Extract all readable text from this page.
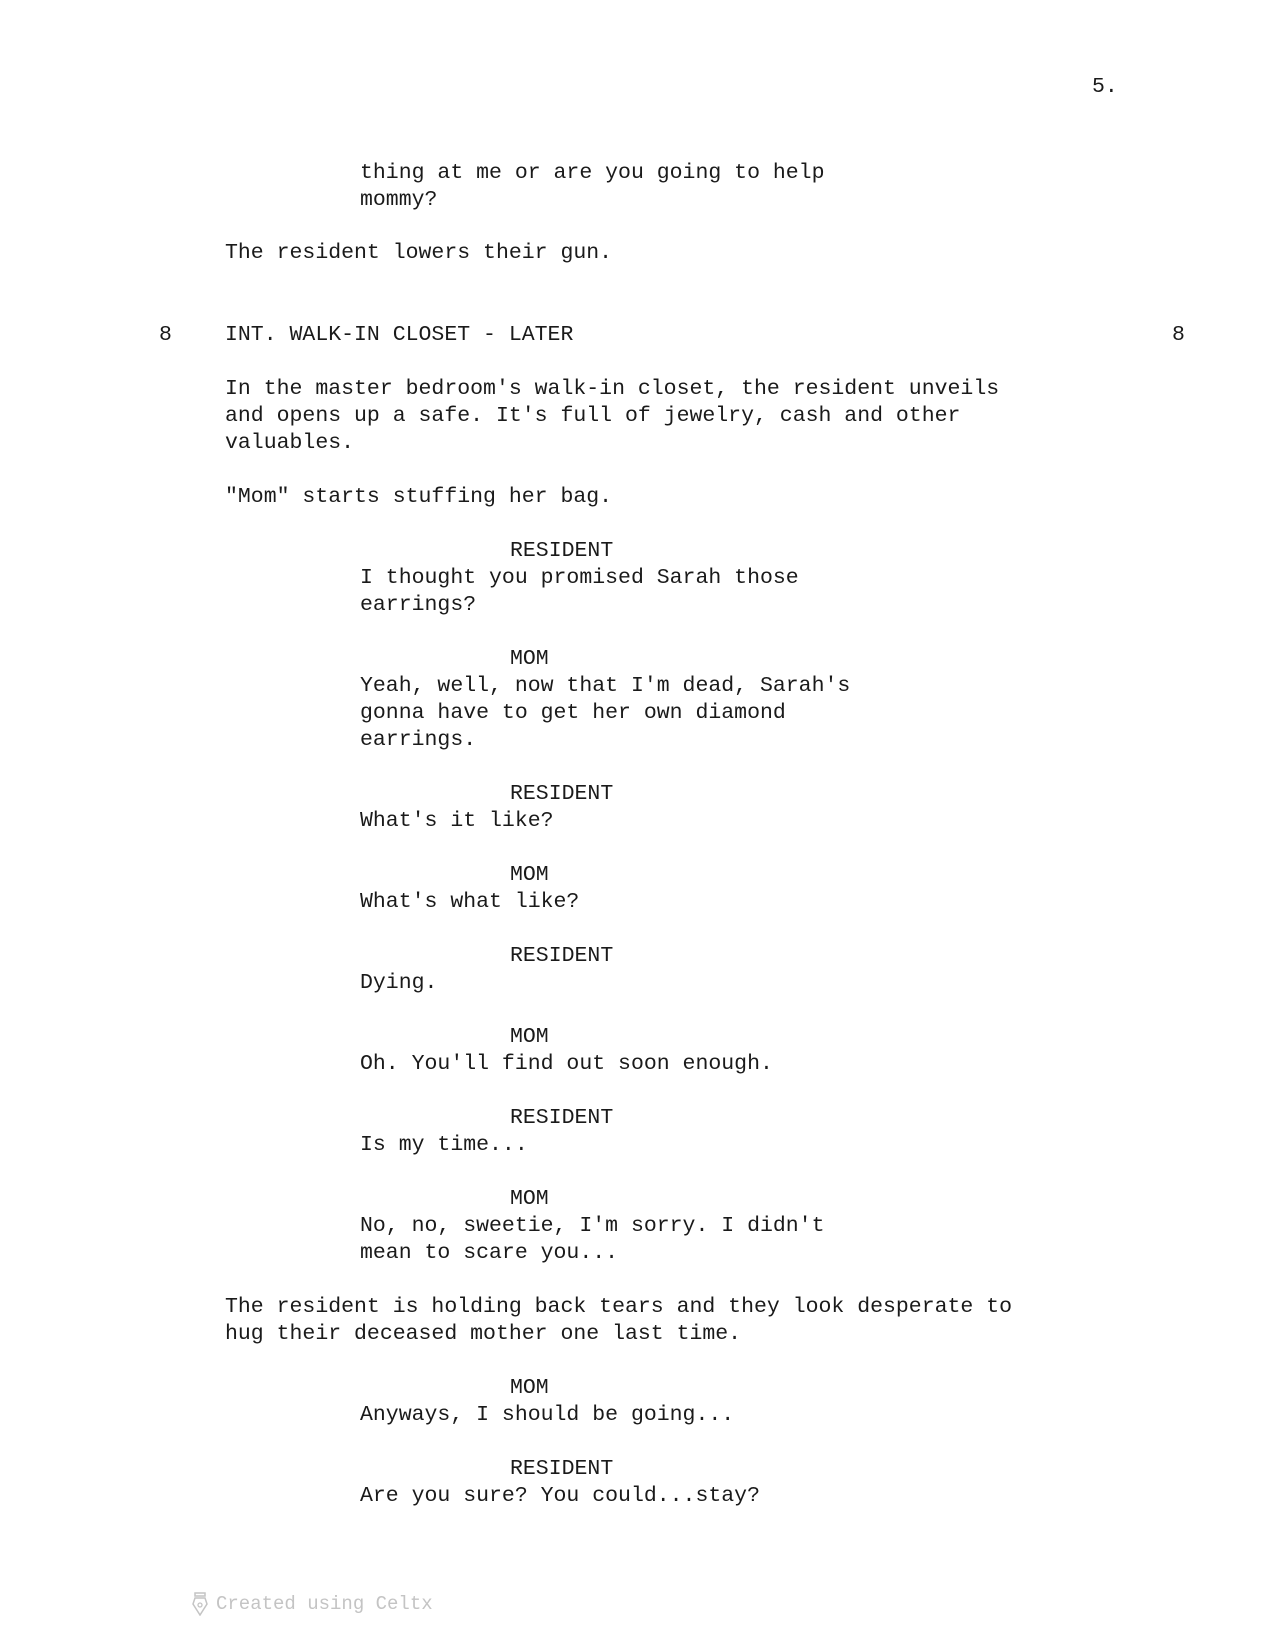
5.
thing at me or are you going to help
mommy?
The resident lowers their gun.
8 INT. WALK-IN CLOSET - LATER	8
In the master bedroom's walk-in closet, the resident unveils
and opens up a safe. It's full of jewelry, cash and other
valuables.
"Mom" starts stuffing her bag.
RESIDENT
I thought you promised Sarah those
earrings?
MOM
Yeah, well, now that I'm dead, Sarah's
gonna have to get her own diamond
earrings.
RESIDENT
What's it like?
MOM
What's what like?
RESIDENT
Dying.
MOM
Oh. You'll find out soon enough.
RESIDENT
Is my time...
MOM
No, no, sweetie, I'm sorry. I didn't
mean to scare you...
The resident is holding back tears and they look desperate to
hug their deceased mother one last time.
MOM
Anyways, I should be going...
RESIDENT
Are you sure? You could...stay?
Created using Celtx
